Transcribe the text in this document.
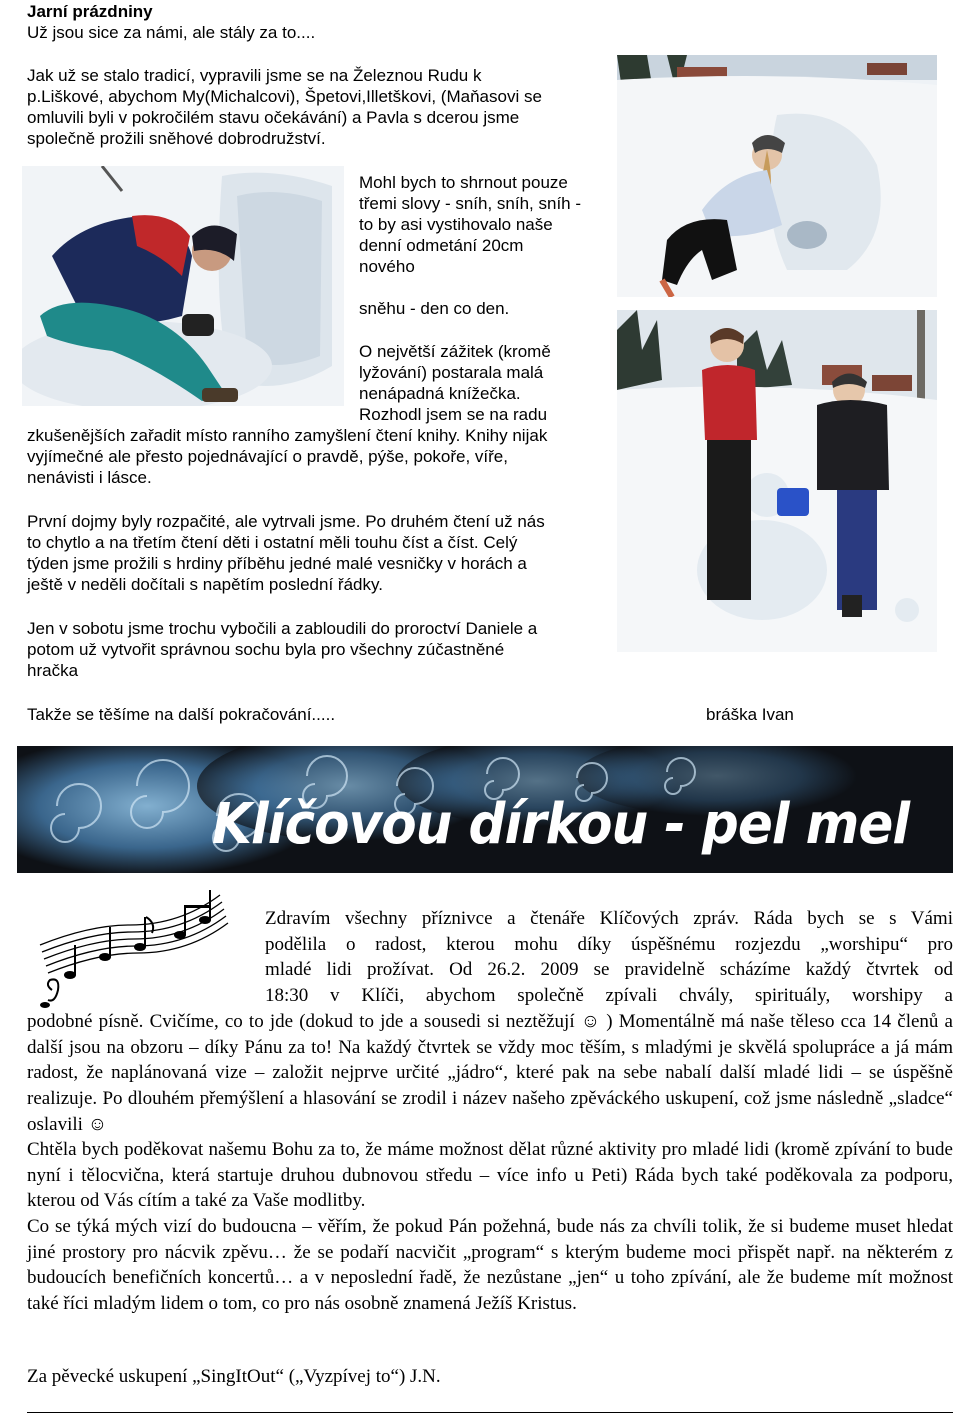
Jarní prázdniny
Už jsou sice za námi, ale stály za to....
Jak už se stalo tradicí, vypravili jsme se na Železnou Rudu k
p.Liškové, abychom My(Michalcovi), Špetovi,Illetškovi, (Maňasovi se
omluvili byli v pokročilém stavu očekávání) a Pavla s dcerou jsme
společně prožili sněhové dobrodružství.
Mohl bych to shrnout pouze
třemi slovy - sníh, sníh, sníh -
to by asi vystihovalo naše
denní odmetání 20cm
nového
sněhu - den co den.
O největší zážitek (kromě
lyžování) postarala malá
nenápadná knížečka.
Rozhodl jsem se na radu
zkušenějších zařadit místo ranního zamyšlení čtení knihy. Knihy nijak
vyjímečné ale přesto pojednávající o pravdě, pýše, pokoře, víře,
nenávisti i lásce.
První dojmy byly rozpačité, ale vytrvali jsme. Po druhém čtení už nás
to chytlo a na třetím čtení děti i ostatní měli touhu číst a číst. Celý
týden jsme prožili s hrdiny příběhu jedné malé vesničky v horách a
ještě v neděli dočítali s napětím poslední řádky.
Jen v sobotu jsme trochu vybočili a zabloudili do proroctví Daniele a
potom už vytvořit správnou sochu byla pro všechny zúčastněné
hračka
Takže se těšíme na další pokračování.....	bráška Ivan
Klíčovou dírkou - pel mel
Zdravím všechny příznivce a čtenáře Klíčových zpráv. Ráda bych se s Vámi
podělila o radost, kterou mohu díky úspěšnému rozjezdu „worshipu“ pro
mladé lidi prožívat. Od 26.2. 2009 se pravidelně scházíme každý čtvrtek od
18:30 v Klíči, abychom společně zpívali chvály, spirituály, worshipy a
podobné písně. Cvičíme, co to jde (dokud to jde a sousedi si neztěžují ☺ ) Momentálně má naše těleso cca 14 členů a další jsou na obzoru – díky Pánu za to! Na každý čtvrtek se vždy moc těším, s mladými je skvělá spolupráce a já mám radost, že naplánovaná vize – založit nejprve určité „jádro“, které pak na sebe nabalí další mladé lidi – se úspěšně realizuje. Po dlouhém přemýšlení a hlasování se zrodil i název našeho zpěváckého uskupení, což jsme následně „sladce“ oslavili ☺
Chtěla bych poděkovat našemu Bohu za to, že máme možnost dělat různé aktivity pro mladé lidi (kromě zpívání to bude nyní i tělocvična, která startuje druhou dubnovou středu – více info u Peti) Ráda bych také poděkovala za podporu, kterou od Vás cítím a také za Vaše modlitby.
Co se týká mých vizí do budoucna – věřím, že pokud Pán požehná, bude nás za chvíli tolik, že si budeme muset hledat jiné prostory pro nácvik zpěvu… že se podaří nacvičit „program“ s kterým budeme moci přispět např. na některém z budoucích benefičních koncertů… a v neposlední řadě, že nezůstane „jen“ u toho zpívání, ale že budeme mít možnost také říci mladým lidem o tom, co pro nás osobně znamená Ježíš Kristus.
Za pěvecké uskupení „SingItOut“ („Vyzpívej to“) J.N.
